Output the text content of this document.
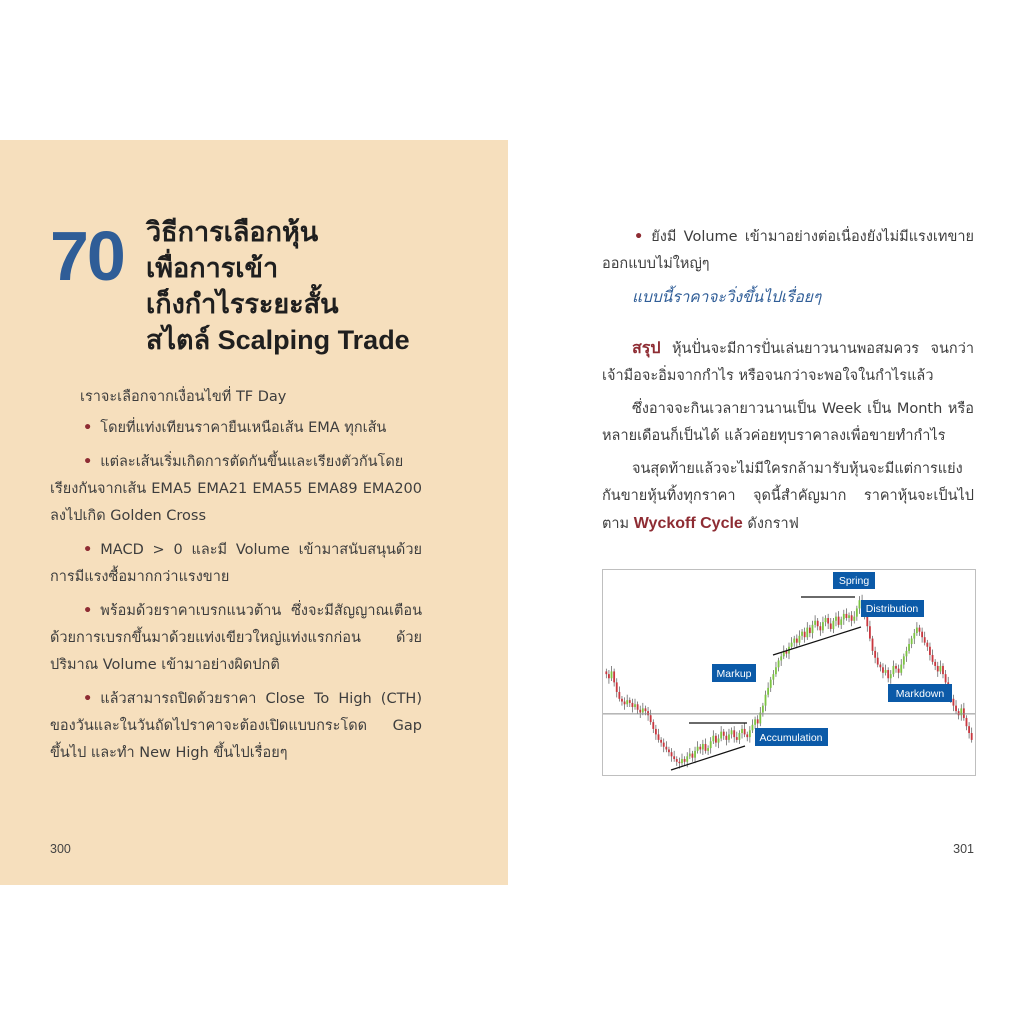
70 วิธีการเลือกหุ้น
เพื่อการเข้า
เก็งกำไรระยะสั้น
สไตล์ Scalping Trade

เราจะเลือกจากเงื่อนไขที่ TF Day

• โดยที่แท่งเทียนราคายืนเหนือเส้น EMA ทุกเส้น

• แต่ละเส้นเริ่มเกิดการตัดกันขึ้นและเรียงตัวกันโดยเรียงกันจากเส้น EMA5 EMA21 EMA55 EMA89 EMA200 ลงไปเกิด Golden Cross

• MACD > 0 และมี Volume เข้ามาสนับสนุนด้วยการมีแรงซื้อมากกว่าแรงขาย

• พร้อมด้วยราคาเบรกแนวต้าน ซึ่งจะมีสัญญาณเตือนด้วยการเบรกขึ้นมาด้วยแท่งเขียวใหญ่แท่งแรกก่อน ด้วยปริมาณ Volume เข้ามาอย่างผิดปกติ

• แล้วสามารถปิดด้วยราคา Close To High (CTH) ของวันและในวันถัดไปราคาจะต้องเปิดแบบกระโดด Gap ขึ้นไป และทำ New High ขึ้นไปเรื่อยๆ

300

• ยังมี Volume เข้ามาอย่างต่อเนื่องยังไม่มีแรงเทขายออกแบบไม่ใหญ่ๆ

แบบนี้ราคาจะวิ่งขึ้นไปเรื่อยๆ

สรุป หุ้นปั่นจะมีการปั่นเล่นยาวนานพอสมควร จนกว่าเจ้ามือจะอิ่มจากกำไร หรือจนกว่าจะพอใจในกำไรแล้ว

ซึ่งอาจจะกินเวลายาวนานเป็น Week เป็น Month หรือหลายเดือนก็เป็นได้ แล้วค่อยทุบราคาลงเพื่อขายทำกำไร

จนสุดท้ายแล้วจะไม่มีใครกล้ามารับหุ้นจะมีแต่การแย่งกันขายหุ้นทิ้งทุกราคา จุดนี้สำคัญมาก ราคาหุ้นจะเป็นไปตาม Wyckoff Cycle ดังกราฟ

Spring
Distribution
Markup
Markdown
Accumulation
301
